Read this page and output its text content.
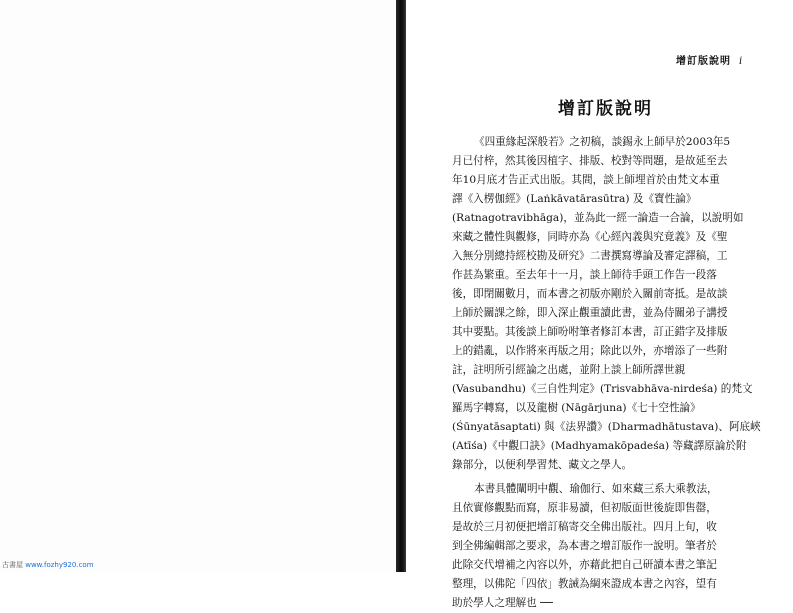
增訂版說明 i
增訂版說明
《四重緣起深般若》之初稿，談錫永上師早於2003年5
月已付梓，然其後因植字、排版、校對等問題，是故延至去
年10月底才告正式出版。其間，談上師埋首於由梵文本重
譯《入楞伽經》(Laṅkāvatārasūtra) 及《寶性論》
(Ratnagotravibhāga)，並為此一經一論造一合論，以說明如
來藏之體性與觀修，同時亦為《心經內義與究竟義》及《聖
入無分別總持經校勘及研究》二書撰寫導論及審定譯稿，工
作甚為繁重。至去年十一月，談上師待手頭工作告一段落
後，即閉關數月，而本書之初版亦剛於入關前寄抵。是故談
上師於關課之餘，即入深止觀重讀此書，並為侍關弟子講授
其中要點。其後談上師吩咐筆者修訂本書，訂正錯字及排版
上的錯亂，以作將來再版之用；除此以外，亦增添了一些附
註，註明所引經論之出處，並附上談上師所譯世親
(Vasubandhu)《三自性判定》(Trisvabhāva-nirdeśa) 的梵文
羅馬字轉寫，以及龍樹 (Nāgārjuna)《七十空性論》
(Śūnyatāsaptati) 與《法界讚》(Dharmadhātustava)、阿底峽
(Atīśa)《中觀口訣》(Madhyamakōpadeśa) 等藏譯原論於附
錄部分，以便利學習梵、藏文之學人。
本書具體闡明中觀、瑜伽行、如來藏三系大乘教法，
且依實修觀點而寫，原非易讀，但初版面世後旋即售罄，
是故於三月初便把增訂稿寄交全佛出版社。四月上旬，收
到全佛編輯部之要求，為本書之增訂版作一說明。筆者於
此除交代增補之內容以外，亦藉此把自己研讀本書之筆記
整理，以佛陀「四依」教誡為綱來證成本書之內容，望有
助於學人之理解也 ──
古書屋 www.fozhy920.com
